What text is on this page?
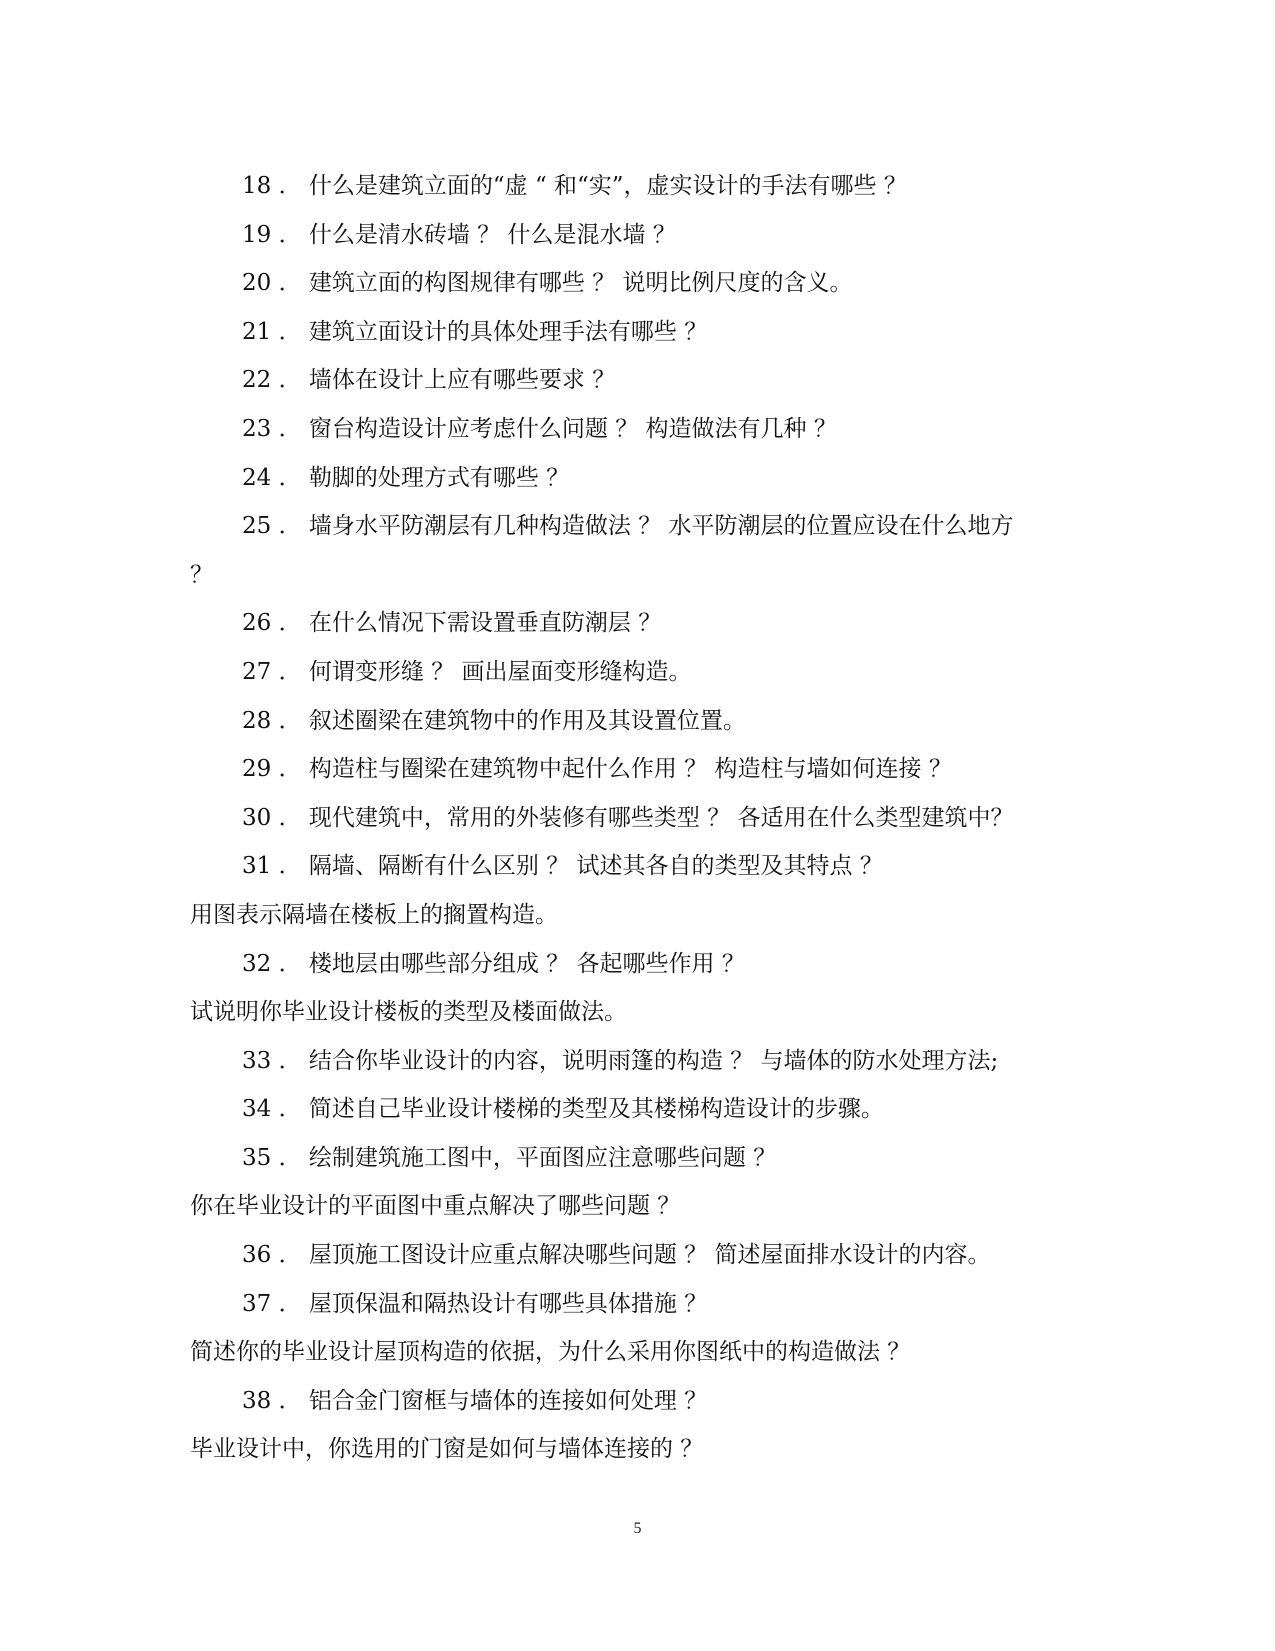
18 ． 什么是建筑立面的“虚 “ 和“实”，虚实设计的手法有哪些 ？
19 ． 什么是清水砖墙 ？ 什么是混水墙 ？
20 ． 建筑立面的构图规律有哪些 ？ 说明比例尺度的含义。
21 ． 建筑立面设计的具体处理手法有哪些 ？
22 ． 墙体在设计上应有哪些要求 ？
23 ． 窗台构造设计应考虑什么问题 ？ 构造做法有几种 ？
24 ． 勒脚的处理方式有哪些 ？
25 ． 墙身水平防潮层有几种构造做法 ？ 水平防潮层的位置应设在什么地方
？
26 ． 在什么情况下需设置垂直防潮层 ？
27 ． 何谓变形缝 ？ 画出屋面变形缝构造。
28 ． 叙述圈梁在建筑物中的作用及其设置位置。
29 ． 构造柱与圈梁在建筑物中起什么作用 ？ 构造柱与墙如何连接 ？
30 ． 现代建筑中，常用的外装修有哪些类型 ？ 各适用在什么类型建筑中？
31 ． 隔墙、隔断有什么区别 ？ 试述其各自的类型及其特点 ？
用图表示隔墙在楼板上的搁置构造。
32 ． 楼地层由哪些部分组成 ？ 各起哪些作用 ？
试说明你毕业设计楼板的类型及楼面做法。
33 ． 结合你毕业设计的内容，说明雨篷的构造 ？ 与墙体的防水处理方法;
34 ． 简述自己毕业设计楼梯的类型及其楼梯构造设计的步骤。
35 ． 绘制建筑施工图中，平面图应注意哪些问题 ？
你在毕业设计的平面图中重点解决了哪些问题 ？
36 ． 屋顶施工图设计应重点解决哪些问题 ？ 简述屋面排水设计的内容。
37 ． 屋顶保温和隔热设计有哪些具体措施 ？
简述你的毕业设计屋顶构造的依据，为什么采用你图纸中的构造做法 ？
38 ． 铝合金门窗框与墙体的连接如何处理 ？
毕业设计中，你选用的门窗是如何与墙体连接的 ？
5
